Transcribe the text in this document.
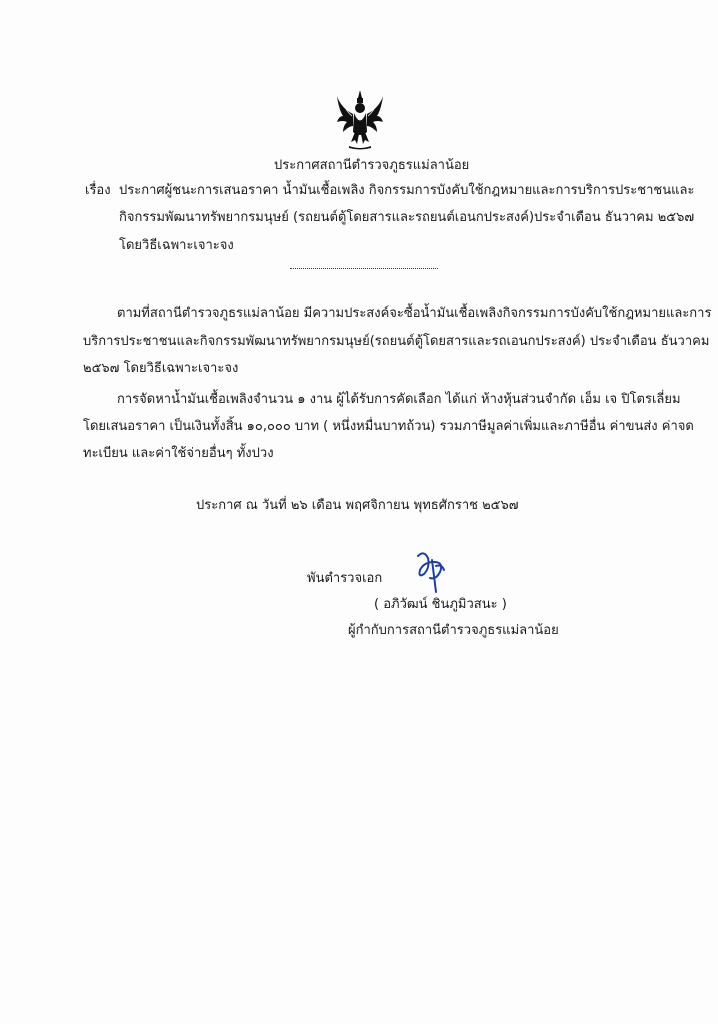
ประกาศสถานีตำรวจภูธรแม่ลาน้อย
เรื่อง ประกาศผู้ชนะการเสนอราคา น้ำมันเชื้อเพลิง กิจกรรมการบังคับใช้กฎหมายและการบริการประชาชนและ
กิจกรรมพัฒนาทรัพยากรมนุษย์ (รถยนต์ตู้โดยสารและรถยนต์เอนกประสงค์)ประจำเดือน ธันวาคม ๒๕๖๗
โดยวิธีเฉพาะเจาะจง
ตามที่สถานีตำรวจภูธรแม่ลาน้อย มีความประสงค์จะซื้อน้ำมันเชื้อเพลิงกิจกรรมการบังคับใช้กฎหมายและการ
บริการประชาชนและกิจกรรมพัฒนาทรัพยากรมนุษย์(รถยนต์ตู้โดยสารและรถเอนกประสงค์) ประจำเดือน ธันวาคม
๒๕๖๗ โดยวิธีเฉพาะเจาะจง
การจัดหาน้ำมันเชื้อเพลิงจำนวน ๑ งาน ผู้ได้รับการคัดเลือก ได้แก่ ห้างหุ้นส่วนจำกัด เอ็ม เจ ปิโตรเลี่ยม
โดยเสนอราคา เป็นเงินทั้งสิ้น ๑๐,๐๐๐ บาท ( หนึ่งหมื่นบาทถ้วน) รวมภาษีมูลค่าเพิ่มและภาษีอื่น ค่าขนส่ง ค่าจด
ทะเบียน และค่าใช้จ่ายอื่นๆ ทั้งปวง
ประกาศ ณ วันที่ ๒๖ เดือน พฤศจิกายน พุทธศักราช ๒๕๖๗
พันตำรวจเอก
( อภิวัฒน์ ชินภูมิวสนะ )
ผู้กำกับการสถานีตำรวจภูธรแม่ลาน้อย
